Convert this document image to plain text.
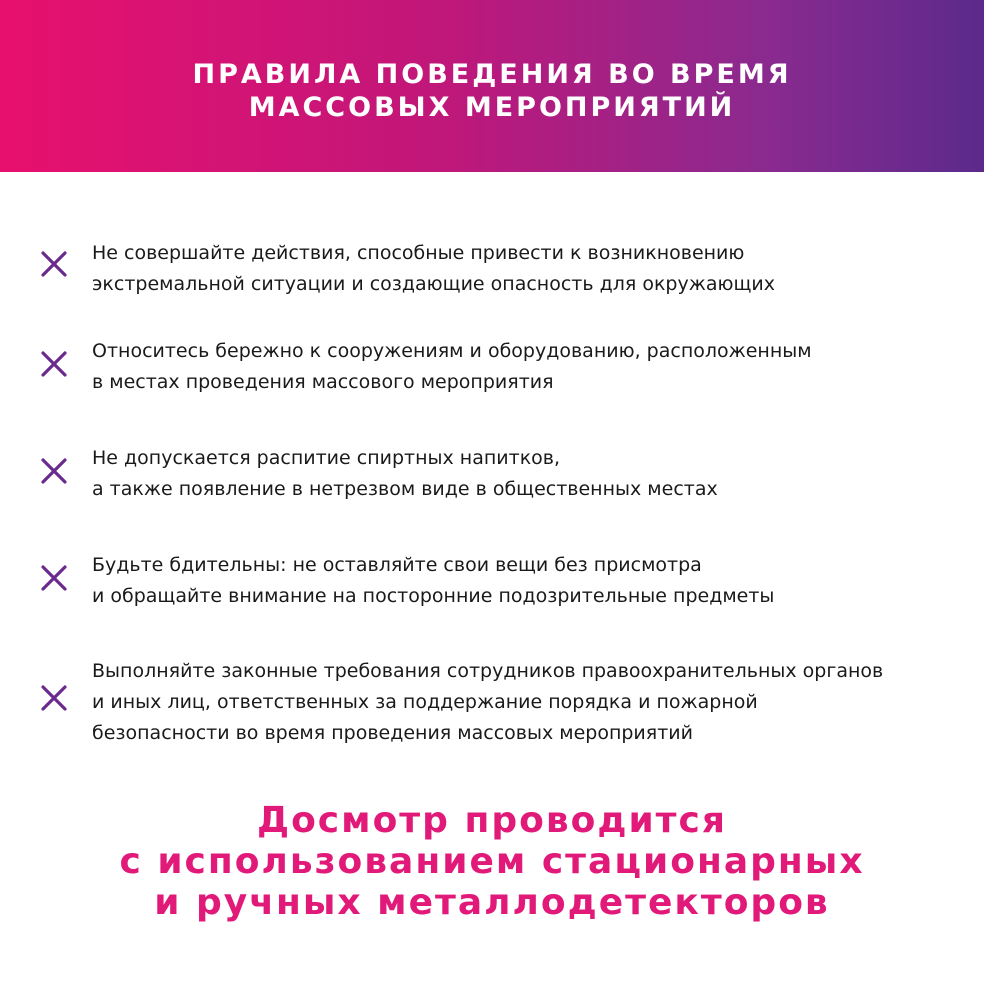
ПРАВИЛА ПОВЕДЕНИЯ ВО ВРЕМЯ
МАССОВЫХ МЕРОПРИЯТИЙ
Не совершайте действия, способные привести к возникновению
экстремальной ситуации и создающие опасность для окружающих
Относитесь бережно к сооружениям и оборудованию, расположенным
в местах проведения массового мероприятия
Не допускается распитие спиртных напитков,
а также появление в нетрезвом виде в общественных местах
Будьте бдительны: не оставляйте свои вещи без присмотра
и обращайте внимание на посторонние подозрительные предметы
Выполняйте законные требования сотрудников правоохранительных органов
и иных лиц, ответственных за поддержание порядка и пожарной
безопасности во время проведения массовых мероприятий
Досмотр проводится
с использованием стационарных
и ручных металлодетекторов
